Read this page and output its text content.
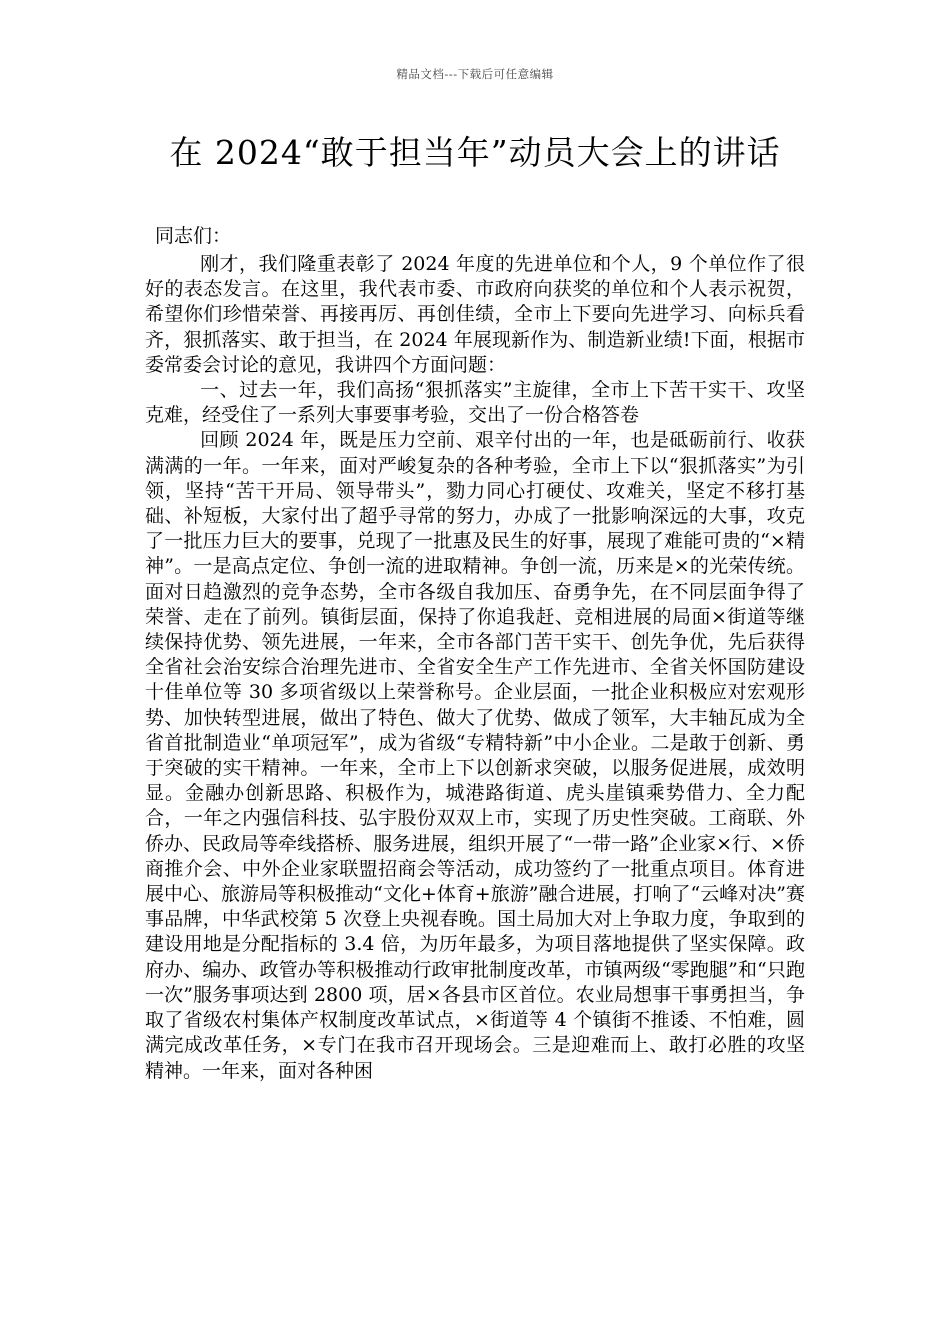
精品文档---下载后可任意编辑
在 2024“敢于担当年”动员大会上的讲话
同志们：

刚才，我们隆重表彰了 2024 年度的先进单位和个人，9 个单位作了很好的表态发言。在这里，我代表市委、市政府向获奖的单位和个人表示祝贺，希望你们珍惜荣誉、再接再厉、再创佳绩，全市上下要向先进学习、向标兵看齐，狠抓落实、敢于担当，在 2024 年展现新作为、制造新业绩!下面，根据市委常委会讨论的意见，我讲四个方面问题：

一、过去一年，我们高扬“狠抓落实”主旋律，全市上下苦干实干、攻坚克难，经受住了一系列大事要事考验，交出了一份合格答卷

回顾 2024 年，既是压力空前、艰辛付出的一年，也是砥砺前行、收获满满的一年。一年来，面对严峻复杂的各种考验，全市上下以“狠抓落实”为引领，坚持“苦干开局、领导带头”，勠力同心打硬仗、攻难关，坚定不移打基础、补短板，大家付出了超乎寻常的努力，办成了一批影响深远的大事，攻克了一批压力巨大的要事，兑现了一批惠及民生的好事，展现了难能可贵的“×精神”。一是高点定位、争创一流的进取精神。争创一流，历来是×的光荣传统。面对日趋激烈的竞争态势，全市各级自我加压、奋勇争先，在不同层面争得了荣誉、走在了前列。镇街层面，保持了你追我赶、竞相进展的局面×街道等继续保持优势、领先进展，一年来，全市各部门苦干实干、创先争优，先后获得全省社会治安综合治理先进市、全省安全生产工作先进市、全省关怀国防建设十佳单位等 30 多项省级以上荣誉称号。企业层面，一批企业积极应对宏观形势、加快转型进展，做出了特色、做大了优势、做成了领军，大丰轴瓦成为全省首批制造业“单项冠军”，成为省级“专精特新”中小企业。二是敢于创新、勇于突破的实干精神。一年来，全市上下以创新求突破，以服务促进展，成效明显。金融办创新思路、积极作为，城港路街道、虎头崖镇乘势借力、全力配合，一年之内强信科技、弘宇股份双双上市，实现了历史性突破。工商联、外侨办、民政局等牵线搭桥、服务进展，组织开展了“一带一路”企业家×行、×侨商推介会、中外企业家联盟招商会等活动，成功签约了一批重点项目。体育进展中心、旅游局等积极推动“文化+体育+旅游”融合进展，打响了“云峰对决”赛事品牌，中华武校第 5 次登上央视春晚。国土局加大对上争取力度，争取到的建设用地是分配指标的 3.4 倍，为历年最多，为项目落地提供了坚实保障。政府办、编办、政管办等积极推动行政审批制度改革，市镇两级“零跑腿”和“只跑一次”服务事项达到 2800 项，居×各县市区首位。农业局想事干事勇担当，争取了省级农村集体产权制度改革试点，×街道等 4 个镇街不推诿、不怕难，圆满完成改革任务，×专门在我市召开现场会。三是迎难而上、敢打必胜的攻坚精神。一年来，面对各种困
